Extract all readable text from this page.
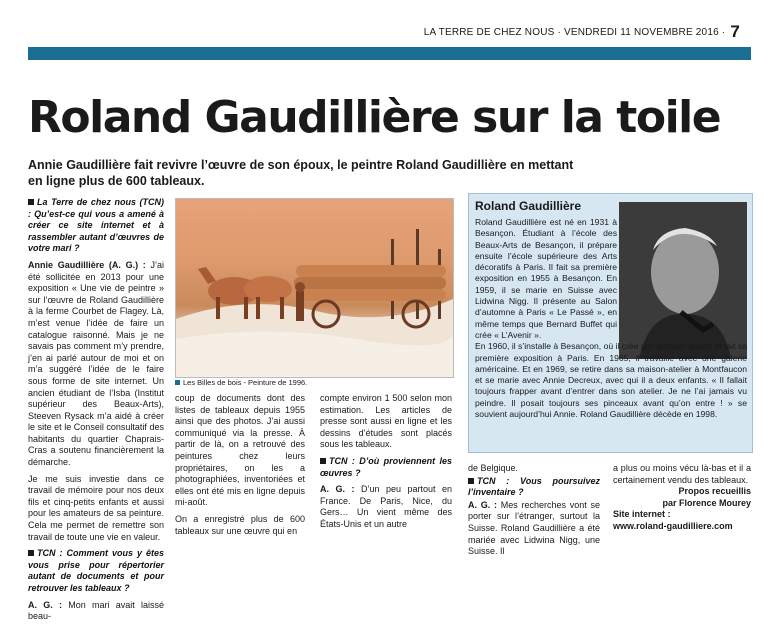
LA TERRE DE CHEZ NOUS · VENDREDI 11 NOVEMBRE 2016 · 7
Roland Gaudillière sur la toile

Annie Gaudillière fait revivre l’œuvre de son époux, le peintre Roland Gaudillière en mettant en ligne plus de 600 tableaux.

La Terre de chez nous (TCN) : Qu’est-ce qui vous a amené à créer ce site internet et à rassembler autant d’œuvres de votre mari ?

Annie Gaudillière (A. G.) : J’ai été sollicitée en 2013 pour une exposition « Une vie de peintre » sur l’œuvre de Roland Gaudillière à la ferme Courbet de Flagey. Là, m’est venue l’idée de faire un catalogue raisonné. Mais je ne savais pas comment m’y prendre, j’en ai parlé autour de moi et on m’a suggéré l’idée de le faire sous forme de site internet. Un ancien étudiant de l’Isba (Institut supérieur des Beaux-Arts), Steeven Rysack m’a aidé à créer le site et le Conseil consultatif des habitants du quartier Chaprais-Cras a soutenu financièrement la démarche.

Je me suis investie dans ce travail de mémoire pour nos deux fils et cinq-petits enfants et aussi pour les amateurs de sa peinture. Cela me permet de remettre son travail de toute une vie en valeur.

TCN : Comment vous y êtes vous prise pour répertorier autant de documents et pour retrouver les tableaux ?

A. G. : Mon mari avait laissé beau-

Les Billes de bois - Peinture de 1996.

coup de documents dont des listes de tableaux depuis 1955 ainsi que des photos. J’ai aussi communiqué via la presse. À partir de là, on a retrouvé des peintures chez leurs propriétaires, on les a photographiées, inventoriées et elles ont été mis en ligne depuis mi-août.

On a enregistré plus de 600 tableaux sur une œuvre qui en

compte environ 1 500 selon mon estimation. Les articles de presse sont aussi en ligne et les dessins d’études sont placés sous les tableaux.

TCN : D’où proviennent les œuvres ?

A. G. : D’un peu partout en France. De Paris, Nice, du Gers… Un vient même des États-Unis et un autre

Roland Gaudillière
Roland Gaudillière est né en 1931 à Besançon. Étudiant à l’école des Beaux-Arts de Besançon, il prépare ensuite l’école supérieure des Arts décoratifs à Paris. Il fait sa première exposition en 1955 à Besançon. En 1959, il se marie en Suisse avec Lidwina Nigg. Il présente au Salon d’automne à Paris « Le Passé », en même temps que Bernard Buffet qui crée « L’Avenir ».
En 1960, il s’installe à Besançon, où il crée son premier atelier et fait sa première exposition à Paris. En 1965, il travaille avec une galerie américaine. Et en 1969, se retire dans sa maison-atelier à Montfaucon et se marie avec Annie Decreux, avec qui il a deux enfants. « Il fallait toujours frapper avant d’entrer dans son atelier. Je ne l’ai jamais vu peindre. Il posait toujours ses pinceaux avant qu’on entre ! » se souvient aujourd’hui Annie. Roland Gaudillière décède en 1998.

de Belgique.

TCN : Vous poursuivez l’inventaire ?

A. G. : Mes recherches vont se porter sur l’étranger, surtout la Suisse. Roland Gaudillière a été mariée avec Lidwina Nigg, une Suisse. Il

a plus ou moins vécu là-bas et il a certainement vendu des tableaux.
Propos recueillis
par Florence Mourey
Site internet :
www.roland-gaudilliere.com
